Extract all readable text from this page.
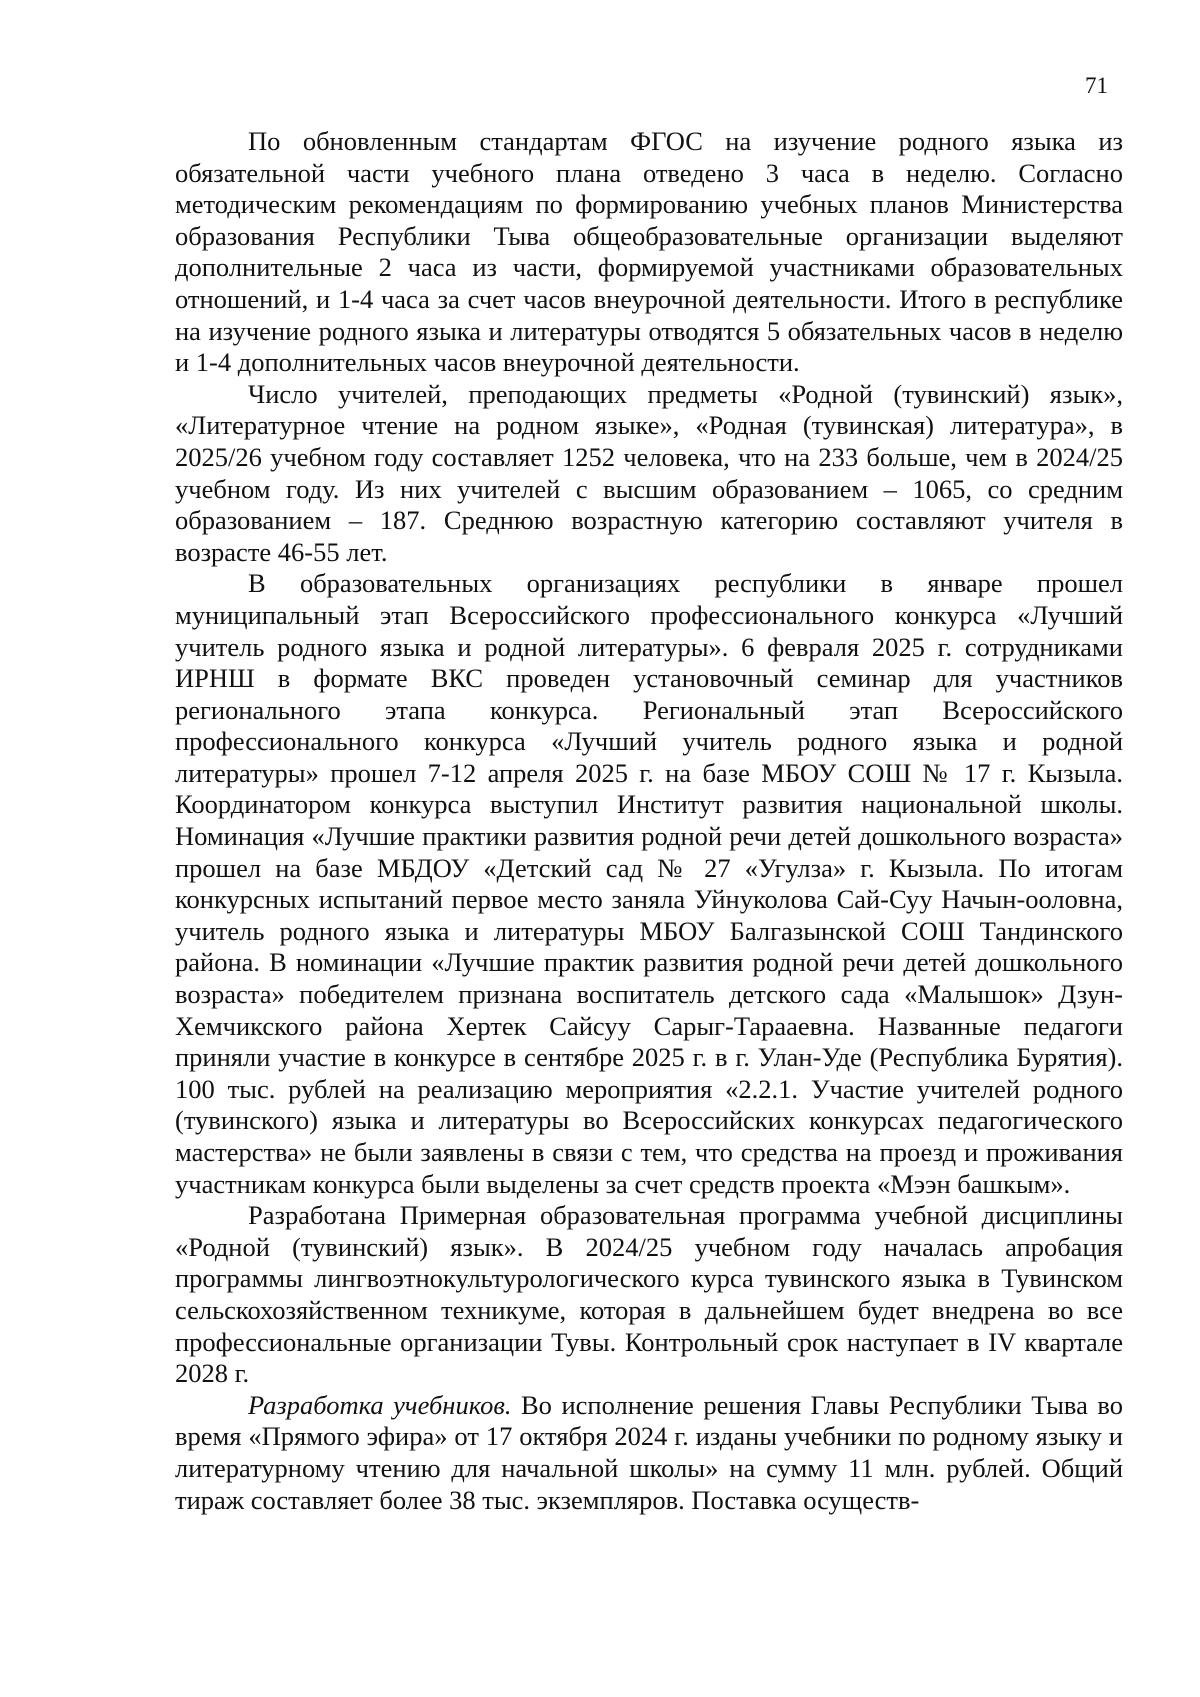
71

По обновленным стандартам ФГОС на изучение родного языка из обязательной части учебного плана отведено 3 часа в неделю. Согласно методическим рекомендациям по формированию учебных планов Министерства образования Республики Тыва общеобразовательные организации выделяют дополнительные 2 часа из части, формируемой участниками образовательных отношений, и 1-4 часа за счет часов внеурочной деятельности. Итого в республике на изучение родного языка и литературы отводятся 5 обязательных часов в неделю и 1-4 дополнительных часов внеурочной деятельности.

Число учителей, преподающих предметы «Родной (тувинский) язык», «Литературное чтение на родном языке», «Родная (тувинская) литература», в 2025/26 учебном году составляет 1252 человека, что на 233 больше, чем в 2024/25 учебном году. Из них учителей с высшим образованием – 1065, со средним образованием – 187. Среднюю возрастную категорию составляют учителя в возрасте 46-55 лет.

В образовательных организациях республики в январе прошел муниципальный этап Всероссийского профессионального конкурса «Лучший учитель родного языка и родной литературы». 6 февраля 2025 г. сотрудниками ИРНШ в формате ВКС проведен установочный семинар для участников регионального этапа конкурса. Региональный этап Всероссийского профессионального конкурса «Лучший учитель родного языка и родной литературы» прошел 7-12 апреля 2025 г. на базе МБОУ СОШ № 17 г. Кызыла. Координатором конкурса выступил Институт развития национальной школы. Номинация «Лучшие практики развития родной речи детей дошкольного возраста» прошел на базе МБДОУ «Детский сад № 27 «Угулза» г. Кызыла. По итогам конкурсных испытаний первое место заняла Уйнуколова Сай-Суу Начын-ооловна, учитель родного языка и литературы МБОУ Балгазынской СОШ Тандинского района. В номинации «Лучшие практик развития родной речи детей дошкольного возраста» победителем признана воспитатель детского сада «Малышок» Дзун-Хемчикского района Хертек Сайсуу Сарыг-Тарааевна. Названные педагоги приняли участие в конкурсе в сентябре 2025 г. в г. Улан-Уде (Республика Бурятия). 100 тыс. рублей на реализацию мероприятия «2.2.1. Участие учителей родного (тувинского) языка и литературы во Всероссийских конкурсах педагогического мастерства» не были заявлены в связи с тем, что средства на проезд и проживания участникам конкурса были выделены за счет средств проекта «Мээн башкым».

Разработана Примерная образовательная программа учебной дисциплины «Родной (тувинский) язык». В 2024/25 учебном году началась апробация программы лингвоэтнокультурологического курса тувинского языка в Тувинском сельскохозяйственном техникуме, которая в дальнейшем будет внедрена во все профессиональные организации Тувы. Контрольный срок наступает в IV квартале 2028 г.

Разработка учебников. Во исполнение решения Главы Республики Тыва во время «Прямого эфира» от 17 октября 2024 г. изданы учебники по родному языку и литературному чтению для начальной школы» на сумму 11 млн. рублей. Общий тираж составляет более 38 тыс. экземпляров. Поставка осуществ-
